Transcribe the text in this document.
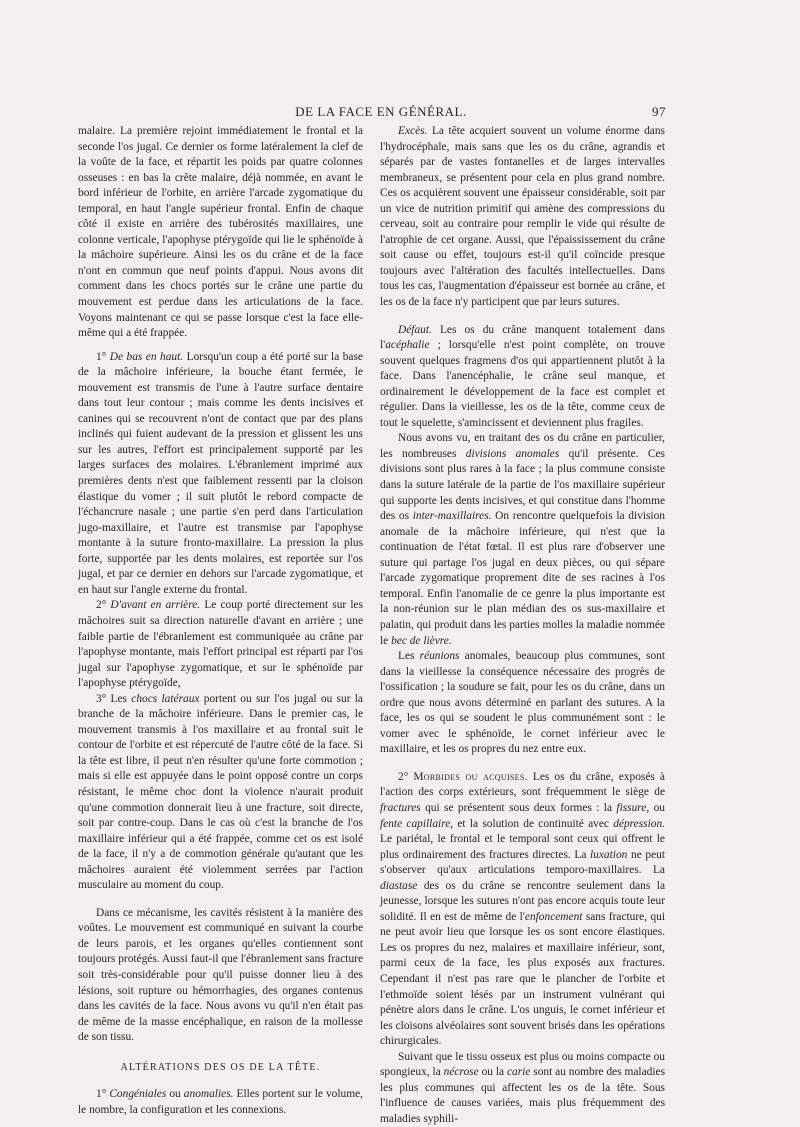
DE LA FACE EN GÉNÉRAL.	97

malaire. La première rejoint immédiatement le frontal et la seconde l'os jugal. Ce dernier os forme latéralement la clef de la voûte de la face, et répartit les poids par quatre colonnes osseuses : en bas la crête malaire, déjà nommée, en avant le bord inférieur de l'orbite, en arrière l'arcade zygomatique du temporal, en haut l'angle supérieur frontal. Enfin de chaque côté il existe en arrière des tubérosités maxillaires, une colonne verticale, l'apophyse ptérygoïde qui lie le sphénoïde à la mâchoire supérieure. Ainsi les os du crâne et de la face n'ont en commun que neuf points d'appui. Nous avons dit comment dans les chocs portés sur le crâne une partie du mouvement est perdue dans les articulations de la face. Voyons maintenant ce qui se passe lorsque c'est la face elle-même qui a été frappée.

1° De bas en haut. Lorsqu'un coup a été porté sur la base de la mâchoire inférieure, la bouche étant fermée, le mouvement est transmis de l'une à l'autre surface dentaire dans tout leur contour ; mais comme les dents incisives et canines qui se recouvrent n'ont de contact que par des plans inclinés qui fuient audevant de la pression et glissent les uns sur les autres, l'effort est principalement supporté par les larges surfaces des molaires. L'ébranlement imprimé aux premières dents n'est que faiblement ressenti par la cloison élastique du vomer ; il suit plutôt le rebord compacte de l'échancrure nasale ; une partie s'en perd dans l'articulation jugo-maxillaire, et l'autre est transmise par l'apophyse montante à la suture fronto-maxillaire. La pression la plus forte, supportée par les dents molaires, est reportée sur l'os jugal, et par ce dernier en dehors sur l'arcade zygomatique, et en haut sur l'angle externe du frontal.

2° D'avant en arrière. Le coup porté directement sur les mâchoires suit sa direction naturelle d'avant en arrière ; une faible partie de l'ébranlement est communiquée au crâne par l'apophyse montante, mais l'effort principal est réparti par l'os jugal sur l'apophyse zygomatique, et sur le sphénoïde par l'apophyse ptérygoïde,

3° Les chocs latéraux portent ou sur l'os jugal ou sur la branche de la mâchoire inférieure. Dans le premier cas, le mouvement transmis à l'os maxillaire et au frontal suit le contour de l'orbite et est répercuté de l'autre côté de la face. Si la tête est libre, il peut n'en résulter qu'une forte commotion ; mais si elle est appuyée dans le point opposé contre un corps résistant, le même choc dont la violence n'aurait produit qu'une commotion donnerait lieu à une fracture, soit directe, soit par contre-coup. Dans le cas où c'est la branche de l'os maxillaire inférieur qui a été frappée, comme cet os est isolé de la face, il n'y a de commotion générale qu'autant que les mâchoires auraient été violemment serrées par l'action musculaire au moment du coup.

Dans ce mécanisme, les cavités résistent à la manière des voûtes. Le mouvement est communiqué en suivant la courbe de leurs parois, et les organes qu'elles contiennent sont toujours protégés. Aussi faut-il que l'ébranlement sans fracture soit très-considérable pour qu'il puisse donner lieu à des lésions, soit rupture ou hémorrhagies, des organes contenus dans les cavités de la face. Nous avons vu qu'il n'en était pas de même de la masse encéphalique, en raison de la mollesse de son tissu.

ALTÉRATIONS DES OS DE LA TÊTE.

1° Congéniales ou anomalies. Elles portent sur le volume, le nombre, la configuration et les connexions.

Excès. La tête acquiert souvent un volume énorme dans l'hydrocéphale, mais sans que les os du crâne, agrandis et séparés par de vastes fontanelles et de larges intervalles membraneux, se présentent pour cela en plus grand nombre. Ces os acquièrent souvent une épaisseur considérable, soit par un vice de nutrition primitif qui amène des compressions du cerveau, soit au contraire pour remplir le vide qui résulte de l'atrophie de cet organe. Aussi, que l'épaississement du crâne soit cause ou effet, toujours est-il qu'il coïncide presque toujours avec l'altération des facultés intellectuelles. Dans tous les cas, l'augmentation d'épaisseur est bornée au crâne, et les os de la face n'y participent que par leurs sutures.

Défaut. Les os du crâne manquent totalement dans l'acéphalie ; lorsqu'elle n'est point complète, on trouve souvent quelques fragmens d'os qui appartiennent plutôt à la face. Dans l'anencéphalie, le crâne seul manque, et ordinairement le développement de la face est complet et régulier. Dans la vieillesse, les os de la tête, comme ceux de tout le squelette, s'amincissent et deviennent plus fragiles.

Nous avons vu, en traitant des os du crâne en particulier, les nombreuses divisions anomales qu'il présente. Ces divisions sont plus rares à la face ; la plus commune consiste dans la suture latérale de la partie de l'os maxillaire supérieur qui supporte les dents incisives, et qui constitue dans l'homme des os inter-maxillaires. On rencontre quelquefois la division anomale de la mâchoire inférieure, qui n'est que la continuation de l'état fœtal. Il est plus rare d'observer une suture qui partage l'os jugal en deux pièces, ou qui sépare l'arcade zygomatique proprement dite de ses racines à l'os temporal. Enfin l'anomalie de ce genre la plus importante est la non-réunion sur le plan médian des os sus-maxillaire et palatin, qui produit dans les parties molles la maladie nommée le bec de lièvre.

Les réunions anomales, beaucoup plus communes, sont dans la vieillesse la conséquence nécessaire des progrès de l'ossification ; la soudure se fait, pour les os du crâne, dans un ordre que nous avons déterminé en parlant des sutures. A la face, les os qui se soudent le plus communément sont : le vomer avec le sphénoïde, le cornet inférieur avec le maxillaire, et les os propres du nez entre eux.

2° Morbides ou acquises. Les os du crâne, exposés à l'action des corps extérieurs, sont fréquemment le siège de fractures qui se présentent sous deux formes : la fissure, ou fente capillaire, et la solution de continuité avec dépression. Le pariétal, le frontal et le temporal sont ceux qui offrent le plus ordinairement des fractures directes. La luxation ne peut s'observer qu'aux articulations temporo-maxillaires. La diastase des os du crâne se rencontre seulement dans la jeunesse, lorsque les sutures n'ont pas encore acquis toute leur solidité. Il en est de même de l'enfoncement sans fracture, qui ne peut avoir lieu que lorsque les os sont encore élastiques. Les os propres du nez, malaires et maxillaire inférieur, sont, parmi ceux de la face, les plus exposés aux fractures. Cependant il n'est pas rare que le plancher de l'orbite et l'ethmoïde soient lésés par un instrument vulnérant qui pénètre alors dans le crâne. L'os unguis, le cornet inférieur et les cloisons alvéolaires sont souvent brisés dans les opérations chirurgicales.

Suivant que le tissu osseux est plus ou moins compacte ou spongieux, la nécrose ou la carie sont au nombre des maladies les plus communes qui affectent les os de la tête. Sous l'influence de causes variées, mais plus fréquemment des maladies syphili-
